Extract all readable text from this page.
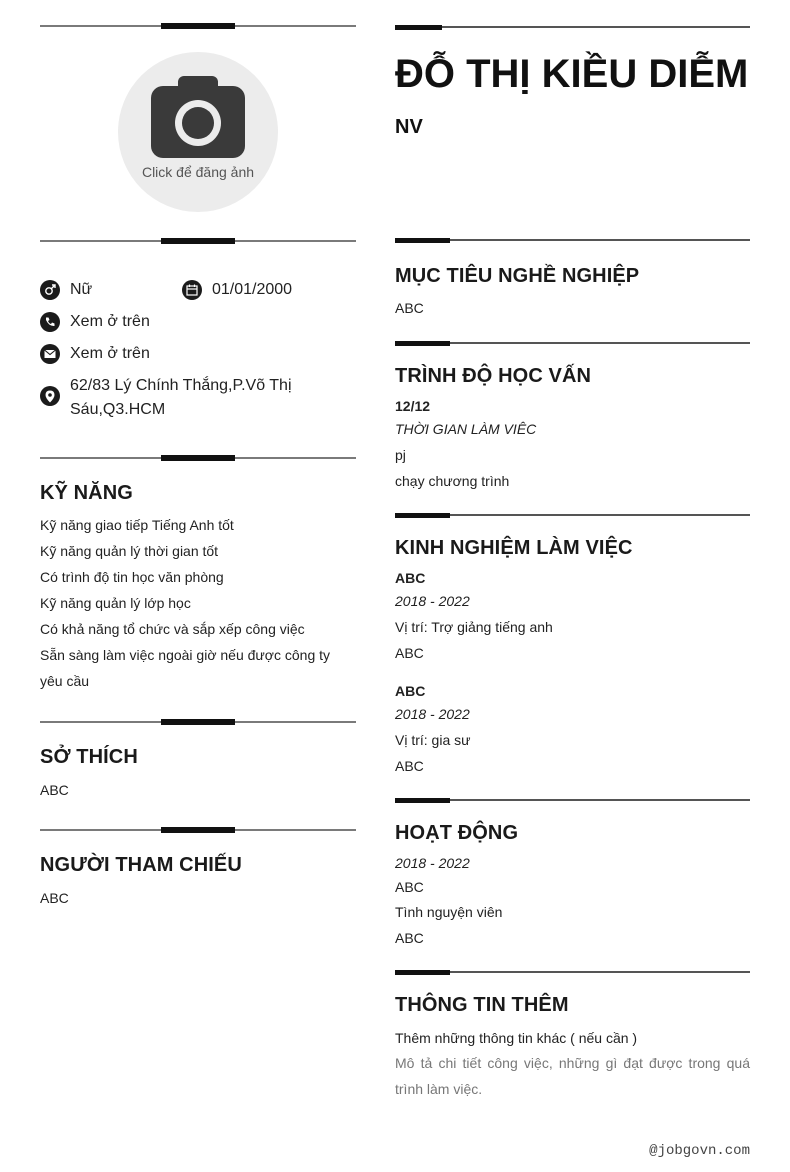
Click để đăng ảnh
Nữ	01/01/2000
Xem ở trên
Xem ở trên
62/83 Lý Chính Thắng,P.Võ Thị Sáu,Q3.HCM
KỸ NĂNG
Kỹ năng giao tiếp Tiếng Anh tốt
Kỹ năng quản lý thời gian tốt
Có trình độ tin học văn phòng
Kỹ năng quản lý lớp học
Có khả năng tổ chức và sắp xếp công việc
Sẵn sàng làm việc ngoài giờ nếu được công ty yêu cầu
SỞ THÍCH
ABC
NGƯỜI THAM CHIẾU
ABC
ĐỖ THỊ KIỀU DIỄM
NV
MỤC TIÊU NGHỀ NGHIỆP
ABC
TRÌNH ĐỘ HỌC VẤN
12/12
THỜI GIAN LÀM VIÊC
pj
chạy chương trình
KINH NGHIỆM LÀM VIỆC
ABC
2018 - 2022
Vị trí: Trợ giảng tiếng anh
ABC
ABC
2018 - 2022
Vị trí: gia sư
ABC
HOẠT ĐỘNG
2018 - 2022
ABC
Tình nguyện viên
ABC
THÔNG TIN THÊM
Thêm những thông tin khác ( nếu cần )
Mô tả chi tiết công việc, những gì đạt được trong quá trình làm việc.
@jobgovn.com
